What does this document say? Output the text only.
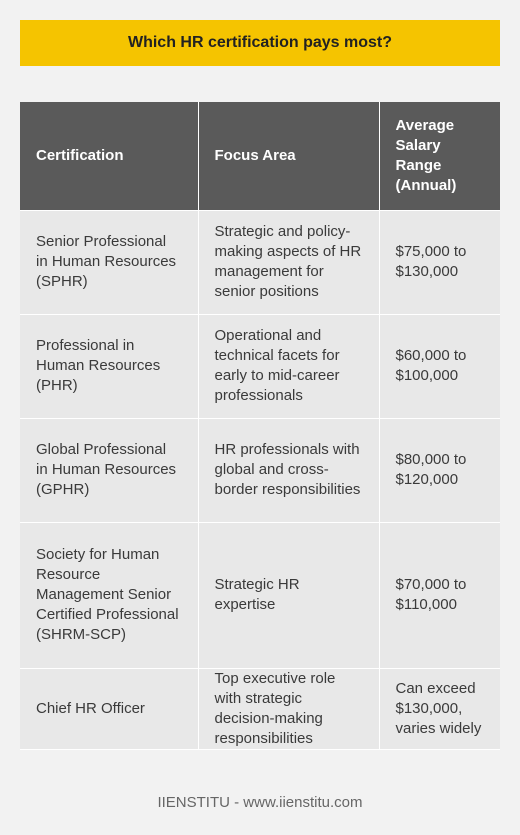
Which HR certification pays most?
Certification	Focus Area	Average Salary Range (Annual)
Senior Professional in Human Resources (SPHR)	Strategic and policy-making aspects of HR management for senior positions	$75,000 to $130,000
Professional in Human Resources (PHR)	Operational and technical facets for early to mid-career professionals	$60,000 to $100,000
Global Professional in Human Resources (GPHR)	HR professionals with global and cross-border responsibilities	$80,000 to $120,000
Society for Human Resource Management Senior Certified Professional (SHRM-SCP)	Strategic HR expertise	$70,000 to $110,000
Chief HR Officer	Top executive role with strategic decision-making responsibilities	Can exceed $130,000, varies widely
IIENSTITU - www.iienstitu.com
